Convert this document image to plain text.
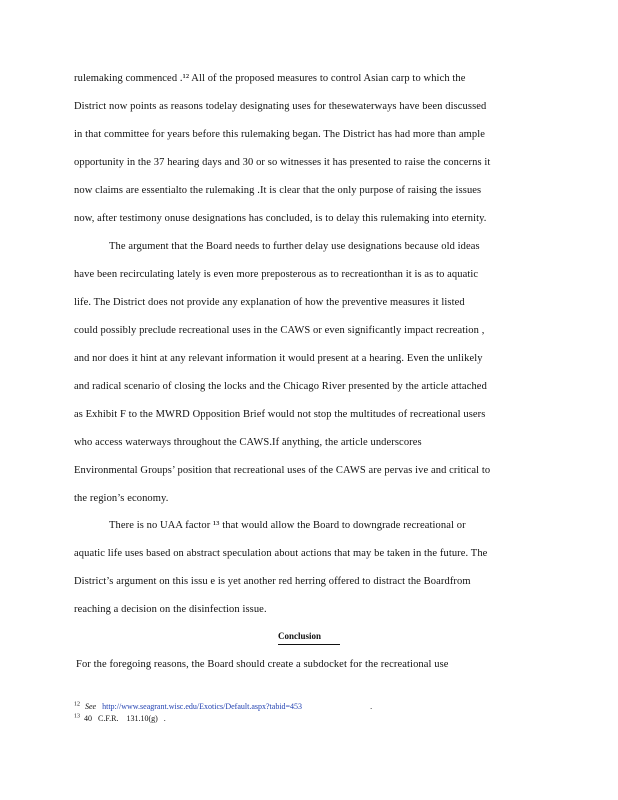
rulemaking commenced .¹² All of the proposed measures to control Asian carp to which the
District now points as reasons todelay designating uses for thesewaterways have been discussed
in that committee for years before this rulemaking began. The District has had more than ample
opportunity in the 37 hearing days and 30 or so witnesses it has presented to raise the concerns it
now claims are essentialto the rulemaking .It is clear that the only purpose of raising the issues
now, after testimony onuse designations has concluded, is to delay this rulemaking into eternity.
The argument that the Board needs to further delay use designations because old ideas
have been recirculating lately is even more preposterous as to recreationthan it is as to aquatic
life. The District does not provide any explanation of how the preventive measures it listed
could possibly preclude recreational uses in the CAWS or even significantly impact recreation ,
and nor does it hint at any relevant information it would present at a hearing. Even the unlikely
and radical scenario of closing the locks and the Chicago River presented by the article attached
as Exhibit F to the MWRD Opposition Brief would not stop the multitudes of recreational users
who access waterways throughout the CAWS.If anything, the article underscores
Environmental Groups’ position that recreational uses of the CAWS are pervas ive and critical to
the region’s economy.
There is no UAA factor ¹³ that would allow the Board to downgrade recreational or
aquatic life uses based on abstract speculation about actions that may be taken in the future. The
District’s argument on this issu e is yet another red herring offered to distract the Boardfrom
reaching a decision on the disinfection issue.
Conclusion
For the foregoing reasons, the Board should create a subdocket for the recreational use
$^{12}$ See http://www.seagrant.wisc.edu/Exotics/Default.aspx?tabid=453	.
$^{13}$ 40   C.F.R.    131.10(g)   .
